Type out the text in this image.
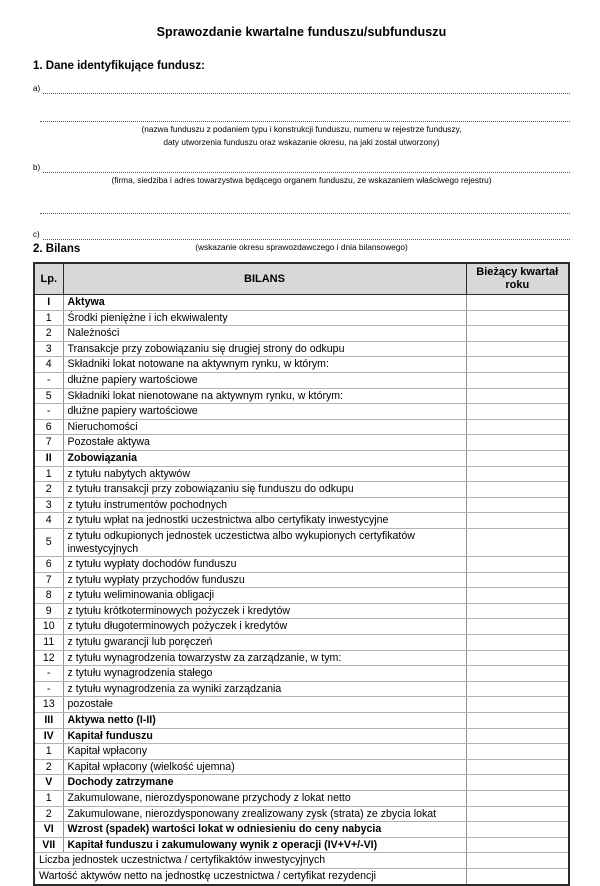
Sprawozdanie kwartalne funduszu/subfunduszu
1. Dane identyfikujące fundusz:
a)
(nazwa funduszu z podaniem typu i konstrukcji funduszu, numeru w rejestrze funduszy,
daty utworzenia funduszu oraz wskazanie okresu, na jaki został utworzony)
b)
(firma, siedziba i adres towarzystwa będącego organem funduszu, ze wskazaniem właściwego rejestru)
c)
(wskazanie okresu sprawozdawczego i dnia bilansowego)
2. Bilans
Lp.	BILANS	Bieżący kwartał roku
I	Aktywa	
1	Środki pieniężne i ich ekwiwalenty	
2	Należności	
3	Transakcje przy zobowiązaniu się drugiej strony do odkupu	
4	Składniki lokat notowane na aktywnym rynku, w którym:	
-	dłużne papiery wartościowe	
5	Składniki lokat nienotowane na aktywnym rynku, w którym:	
-	dłużne papiery wartościowe	
6	Nieruchomości	
7	Pozostałe aktywa	
II	Zobowiązania	
1	z tytułu nabytych aktywów	
2	z tytułu transakcji przy zobowiązaniu się funduszu do odkupu	
3	z tytułu instrumentów pochodnych	
4	z tytułu wpłat na jednostki uczestnictwa albo certyfikaty inwestycyjne	
5	z tytułu odkupionych jednostek uczestictwa albo wykupionych certyfikatów inwestycyjnych	
6	z tytułu wypłaty dochodów funduszu	
7	z tytułu wypłaty przychodów funduszu	
8	z tytułu weliminowania obligacji	
9	z tytułu krótkoterminowych pożyczek i kredytów	
10	z tytułu długoterminowych pożyczek i kredytów	
11	z tytułu gwarancji lub poręczeń	
12	z tytułu wynagrodzenia towarzystw za zarządzanie, w tym:	
-	z tytułu wynagrodzenia stałego	
-	z tytułu wynagrodzenia za wyniki zarządzania	
13	pozostałe	
III	Aktywa netto (I-II)	
IV	Kapitał funduszu	
1	Kapitał wpłacony	
2	Kapitał wpłacony (wielkość ujemna)	
V	Dochody zatrzymane	
1	Zakumulowane, nierozdysponowane przychody z lokat netto	
2	Zakumulowane, nierozdysponowany zrealizowany zysk (strata) ze zbycia lokat	
VI	Wzrost (spadek) wartości lokat w odniesieniu do ceny nabycia	
VII	Kapitał funduszu i zakumulowany wynik z operacji (IV+V+/-VI)	
Liczba jednostek uczestnictwa / certyfikaktów inwestycyjnych		
Wartość aktywów netto na jednostkę uczestnictwa / certyfikat rezydencji		
